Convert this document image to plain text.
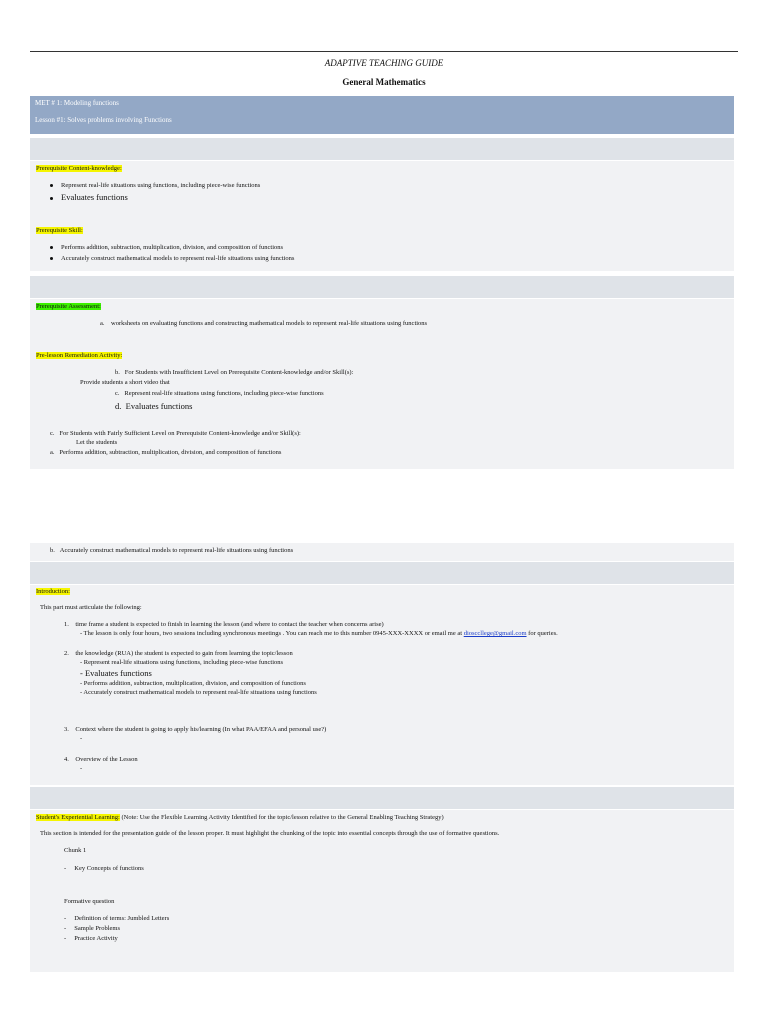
ADAPTIVE TEACHING GUIDE
General Mathematics
MET # 1: Modeling functions
Lesson #1: Solves problems involving Functions
Prerequisite Content-knowledge:
Represent real-life situations using functions, including piece-wise functions
Evaluates functions
Prerequisite Skill:
Performs addition, subtraction, multiplication, division, and composition of functions
Accurately construct mathematical models to represent real-life situations using functions
Prerequisite Assessment:
a. worksheets on evaluating functions and constructing mathematical models to represent real-life situations using functions
Pre-lesson Remediation Activity:
b. For Students with Insufficient Level on Prerequisite Content-knowledge and/or Skill(s):
Provide students a short video that
c. Represent real-life situations using functions, including piece-wise functions
d. Evaluates functions
c. For Students with Fairly Sufficient Level on Prerequisite Content-knowledge and/or Skill(s):
Let the students
a. Performs addition, subtraction, multiplication, division, and composition of functions
b. Accurately construct mathematical models to represent real-life situations using functions
Introduction:
This part must articulate the following:
1. time frame a student is expected to finish in learning the lesson (and where to contact the teacher when concerns arise)
- The lesson is only four hours, two sessions including synchronous meetings . You can reach me to this number 0945-XXX-XXXX or email me at diosccllege@gmail.com for queries.
2. the knowledge (RUA) the student is expected to gain from learning the topic/lesson
- Represent real-life situations using functions, including piece-wise functions
- Evaluates functions
- Performs addition, subtraction, multiplication, division, and composition of functions
- Accurately construct mathematical models to represent real-life situations using functions
3. Context where the student is going to apply his/learning (In what PAA/EFAA and personal use?)
-
4. Overview of the Lesson
-
Student's Experiential Learning: (Note: Use the Flexible Learning Activity Identified for the topic/lesson relative to the General Enabling Teaching Strategy)
This section is intended for the presentation guide of the lesson proper. It must highlight the chunking of the topic into essential concepts through the use of formative questions.
Chunk 1
- Key Concepts of functions
Formative question
- Definition of terms: Jumbled Letters
- Sample Problems
- Practice Activity
